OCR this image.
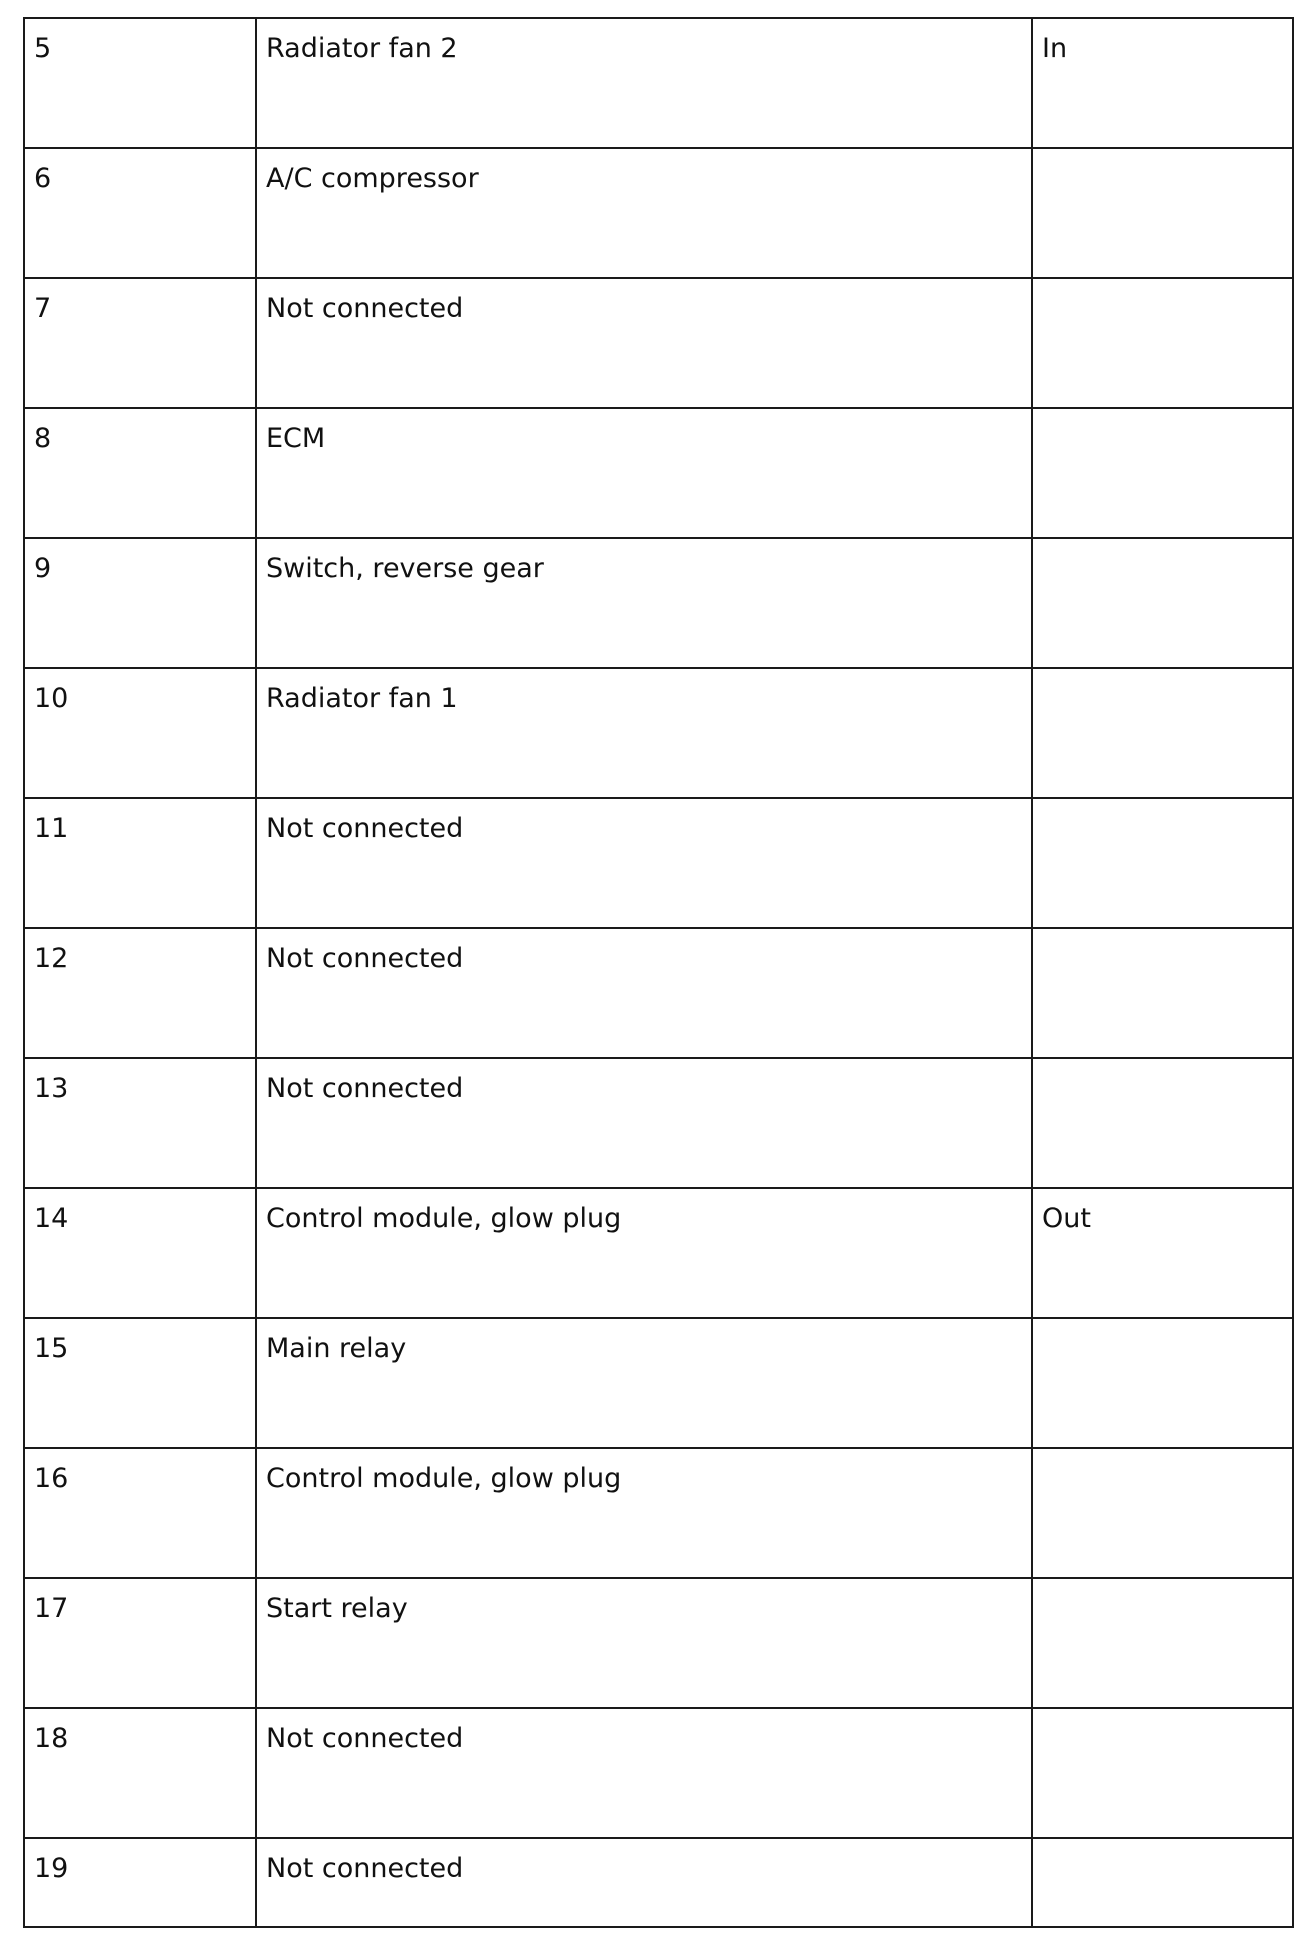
5	Radiator fan 2	In
6	A/C compressor	
7	Not connected	
8	ECM	
9	Switch, reverse gear	
10	Radiator fan 1	
11	Not connected	
12	Not connected	
13	Not connected	
14	Control module, glow plug	Out
15	Main relay	
16	Control module, glow plug	
17	Start relay	
18	Not connected	
19	Not connected	
